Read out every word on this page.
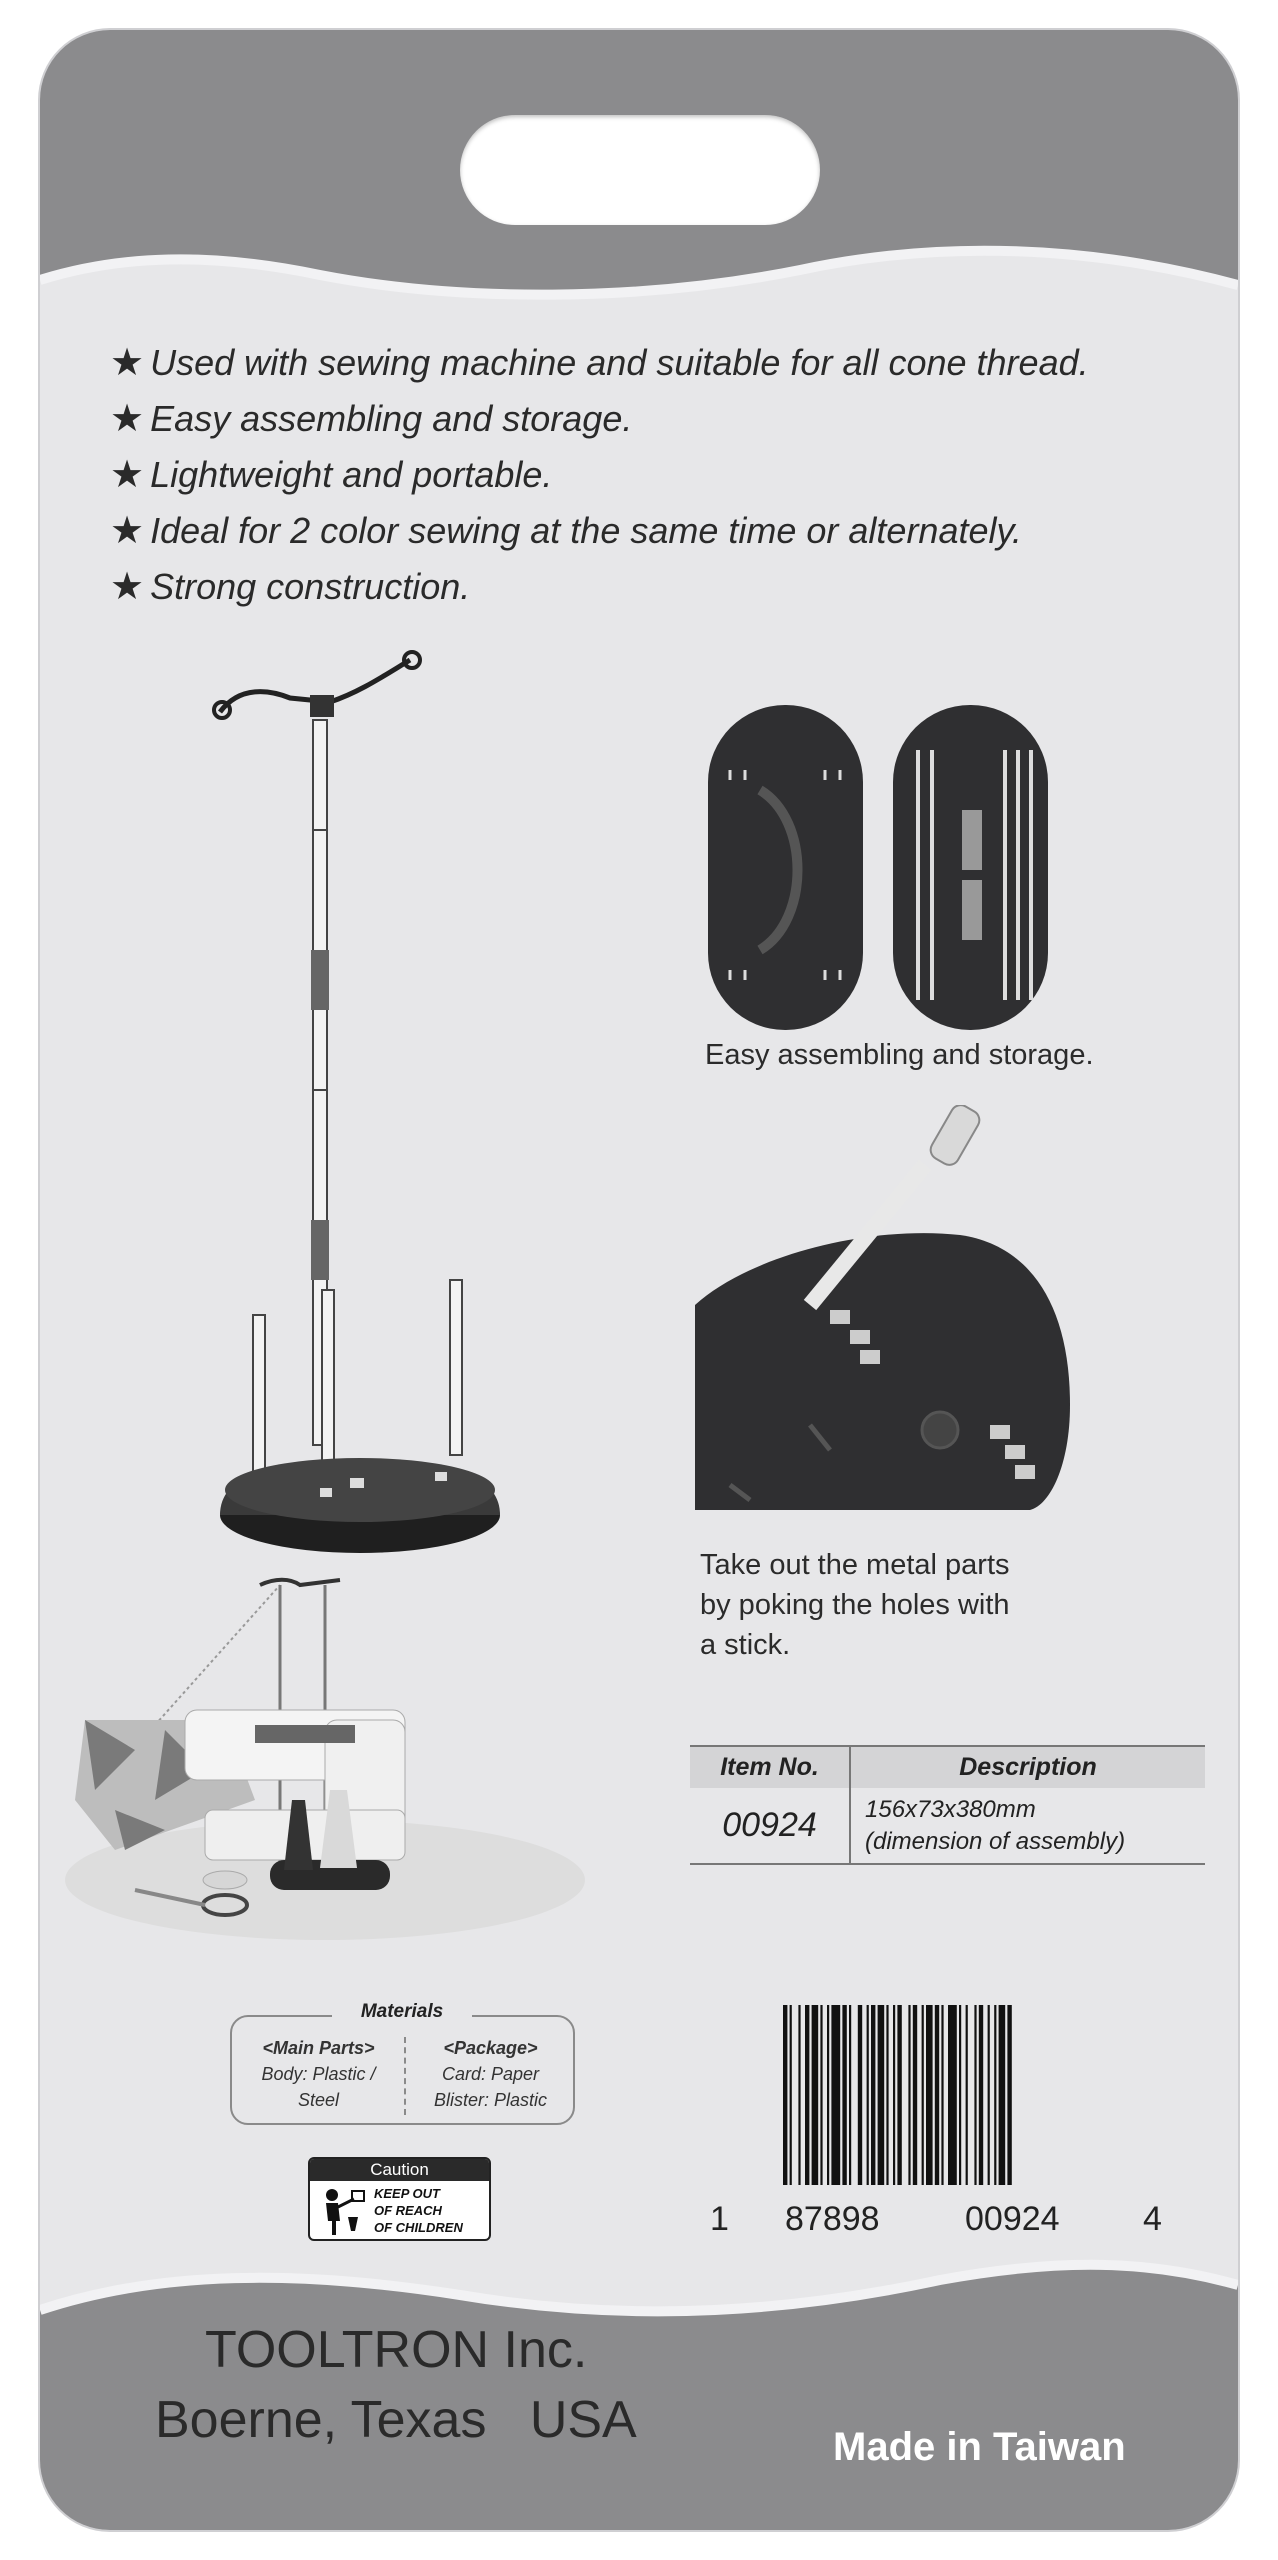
★ Used with sewing machine and suitable for all cone thread.
★ Easy assembling and storage.
★ Lightweight and portable.
★ Ideal for 2 color sewing at the same time or alternately.
★ Strong construction.
Easy assembling and storage.
Take out the metal parts
by poking the holes with
a stick.
Item No.	Description
00924	156x73x380mm
(dimension of assembly)
Materials
<Main Parts>
Body: Plastic /
Steel
<Package>
Card: Paper
Blister: Plastic
Caution
KEEP OUT
OF REACH
OF CHILDREN	1 87898	00924 4
TOOLTRON Inc.
Boerne, Texas   USA	Made in Taiwan
